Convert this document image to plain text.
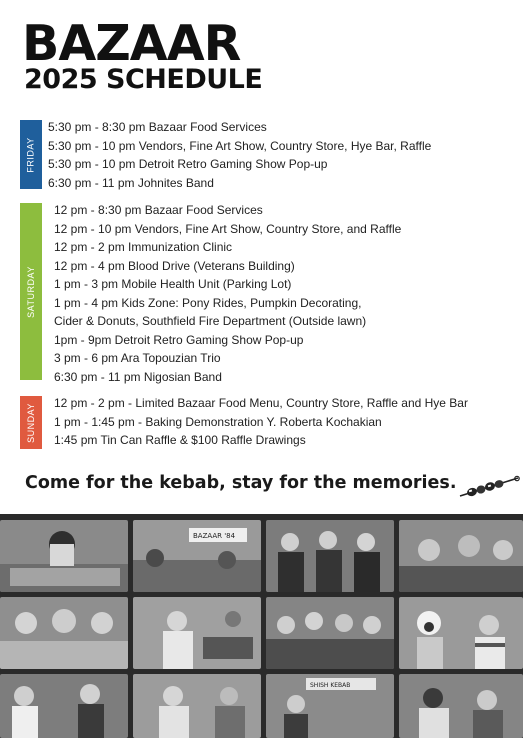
BAZAAR
2025 SCHEDULE
FRIDAY
5:30 pm - 8:30 pm Bazaar Food Services
5:30 pm - 10 pm Vendors, Fine Art Show, Country Store, Hye Bar, Raffle
5:30 pm - 10 pm Detroit Retro Gaming Show Pop-up
6:30 pm - 11 pm Johnites Band
SATURDAY
12 pm - 8:30 pm Bazaar Food Services
12 pm - 10 pm Vendors, Fine Art Show, Country Store, and Raffle
12 pm - 2 pm Immunization Clinic
12 pm - 4 pm Blood Drive (Veterans Building)
1 pm - 3 pm Mobile Health Unit (Parking Lot)
1 pm - 4 pm Kids Zone: Pony Rides, Pumpkin Decorating,
Cider & Donuts, Southfield Fire Department (Outside lawn)
1pm - 9pm Detroit Retro Gaming Show Pop-up
3 pm - 6 pm Ara Topouzian Trio
6:30 pm - 11 pm Nigosian Band
SUNDAY 12 pm - 2 pm - Limited Bazaar Food Menu, Country Store, Raffle and Hye Bar
1 pm - 1:45 pm - Baking Demonstration Y. Roberta Kochakian
1:45 pm Tin Can Raffle & $100 Raffle Drawings
Come for the kebab, stay for the memories.
BAZAAR '84
SHISH KEBAB
